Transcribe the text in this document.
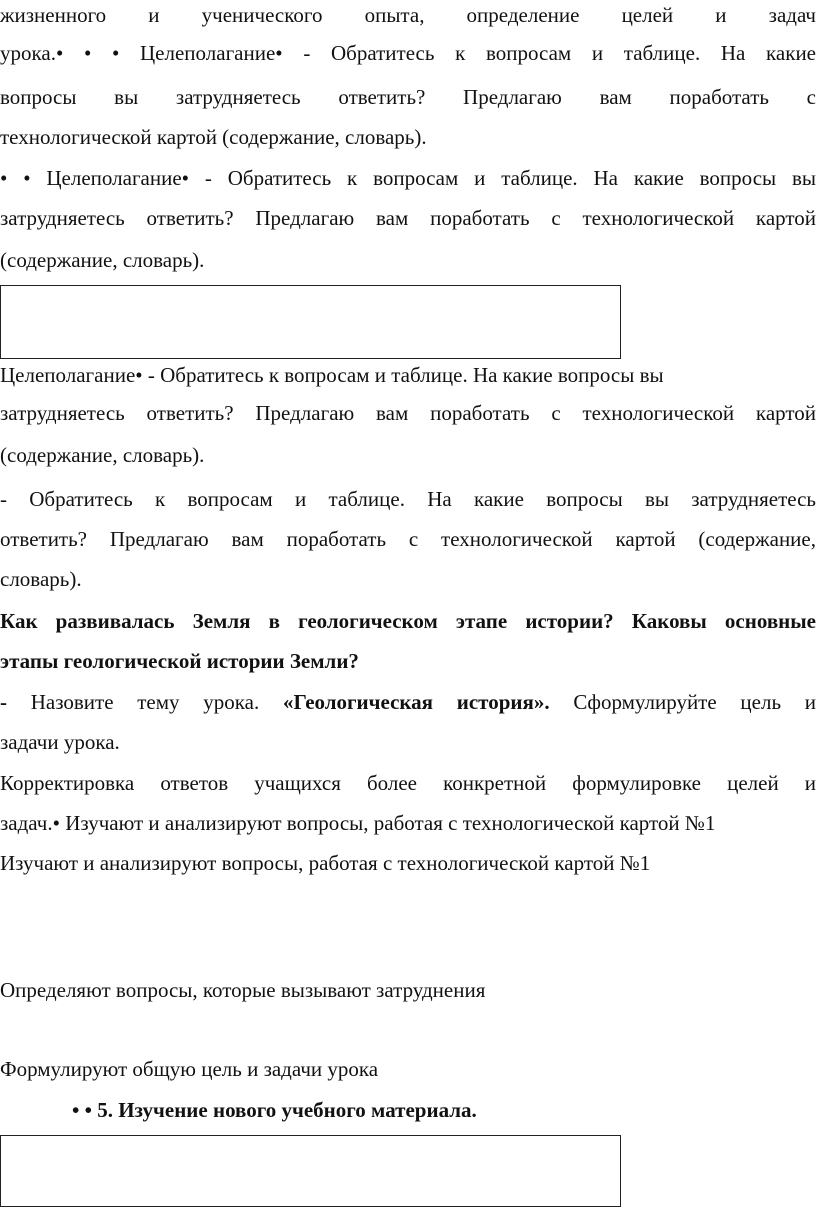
жизненного и ученического опыта, определение целей и задач
урока.• • • Целеполагание• - Обратитесь к вопросам и таблице. На какие
вопросы вы затрудняетесь ответить? Предлагаю вам поработать с
технологической картой (содержание, словарь).
• • Целеполагание• - Обратитесь к вопросам и таблице. На какие вопросы вы
затрудняетесь ответить? Предлагаю вам поработать с технологической картой
(содержание, словарь).
Целеполагание• - Обратитесь к вопросам и таблице. На какие вопросы вы
затрудняетесь ответить? Предлагаю вам поработать с технологической картой
(содержание, словарь).
- Обратитесь к вопросам и таблице. На какие вопросы вы затрудняетесь
ответить? Предлагаю вам поработать с технологической картой (содержание,
словарь).
Как развивалась Земля в геологическом этапе истории? Каковы основные
этапы геологической истории Земли?
- Назовите тему урока. «Геологическая история». Сформулируйте цель и
задачи урока.
Корректировка ответов учащихся более конкретной формулировке целей и
задач.• Изучают и анализируют вопросы, работая с технологической картой №1
Изучают и анализируют вопросы, работая с технологической картой №1
Определяют вопросы, которые вызывают затруднения
Формулируют общую цель и задачи урока
• • 5. Изучение нового учебного материала.
